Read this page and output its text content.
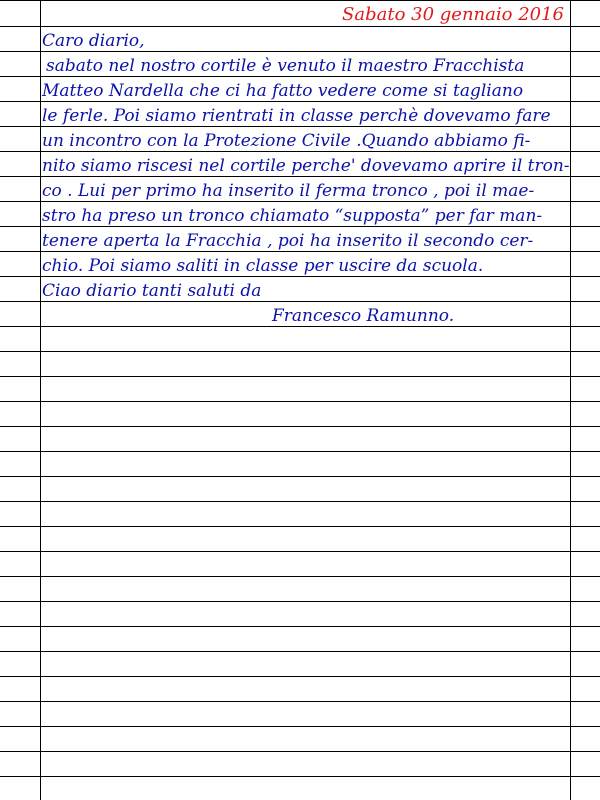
Sabato 30 gennaio 2016
Caro diario,
sabato nel nostro cortile è venuto il maestro Fracchista
Matteo Nardella che ci ha fatto vedere come si tagliano
le ferle. Poi siamo rientrati in classe perchè dovevamo fare
un incontro con la Protezione Civile .Quando abbiamo fi-
nito siamo riscesi nel cortile perche' dovevamo aprire il tron-
co . Lui per primo ha inserito il ferma tronco , poi il mae-
stro ha preso un tronco chiamato “supposta” per far man-
tenere aperta la Fracchia , poi ha inserito il secondo cer-
chio. Poi siamo saliti in classe per uscire da scuola.
Ciao diario tanti saluti da
Francesco Ramunno.
